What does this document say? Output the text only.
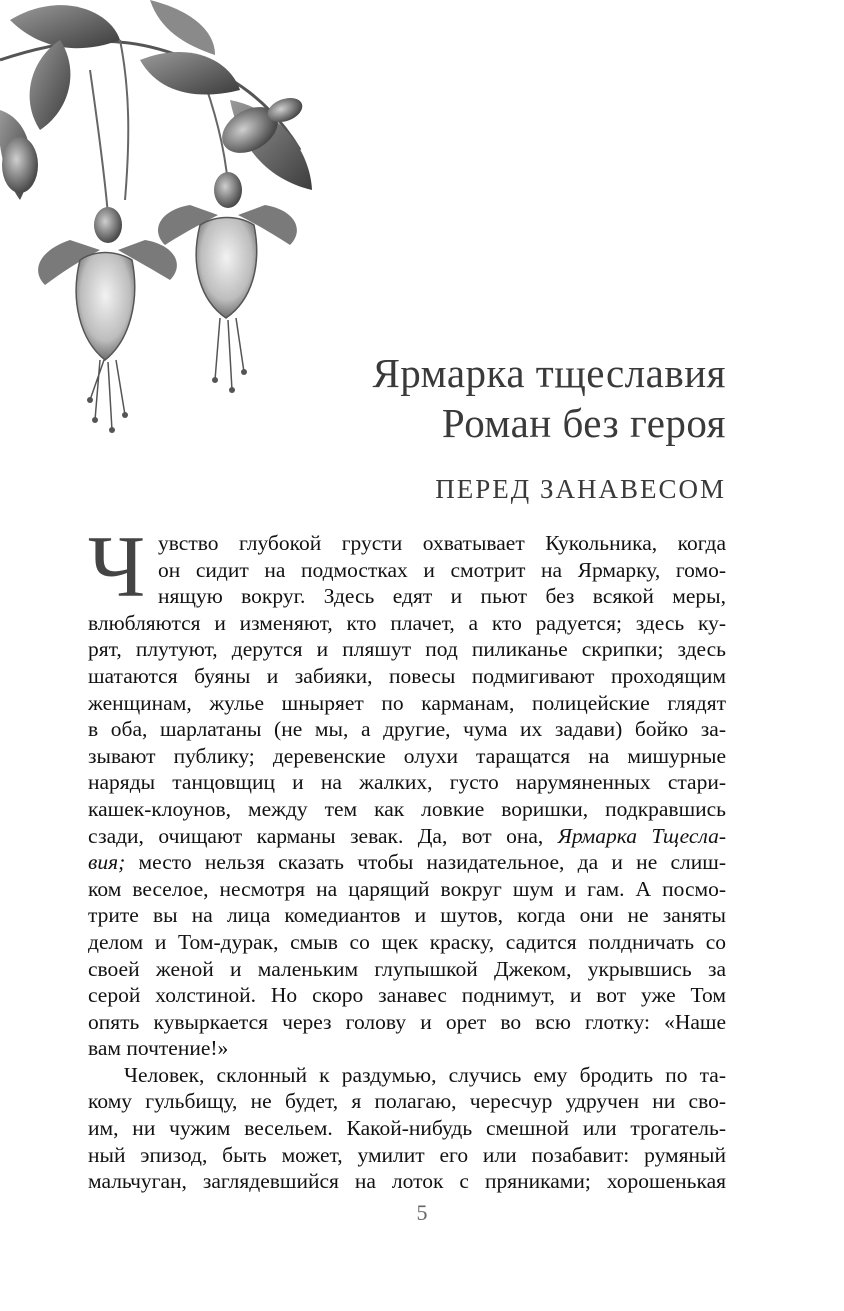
Ярмарка тщеславия
Роман без героя
ПЕРЕД ЗАНАВЕСОМ
Ч увство глубокой грусти охватывает Кукольника, когда
он сидит на подмостках и смотрит на Ярмарку, гомо-
нящую вокруг. Здесь едят и пьют без всякой меры,
влюбляются и изменяют, кто плачет, а кто радуется; здесь ку-
рят, плутуют, дерутся и пляшут под пиликанье скрипки; здесь
шатаются буяны и забияки, повесы подмигивают проходящим
женщинам, жулье шныряет по карманам, полицейские глядят
в оба, шарлатаны (не мы, а другие, чума их задави) бойко за-
зывают публику; деревенские олухи таращатся на мишурные
наряды танцовщиц и на жалких, густо нарумяненных стари-
кашек-клоунов, между тем как ловкие воришки, подкравшись
сзади, очищают карманы зевак. Да, вот она, Ярмарка Тщесла-
вия; место нельзя сказать чтобы назидательное, да и не слиш-
ком веселое, несмотря на царящий вокруг шум и гам. А посмо-
трите вы на лица комедиантов и шутов, когда они не заняты
делом и Том-дурак, смыв со щек краску, садится полдничать со
своей женой и маленьким глупышкой Джеком, укрывшись за
серой холстиной. Но скоро занавес поднимут, и вот уже Том
опять кувыркается через голову и орет во всю глотку: «Наше
вам почтение!»
Человек, склонный к раздумью, случись ему бродить по та-
кому гульбищу, не будет, я полагаю, чересчур удручен ни сво-
им, ни чужим весельем. Какой-нибудь смешной или трогатель-
ный эпизод, быть может, умилит его или позабавит: румяный
мальчуган, заглядевшийся на лоток с пряниками; хорошенькая
5
